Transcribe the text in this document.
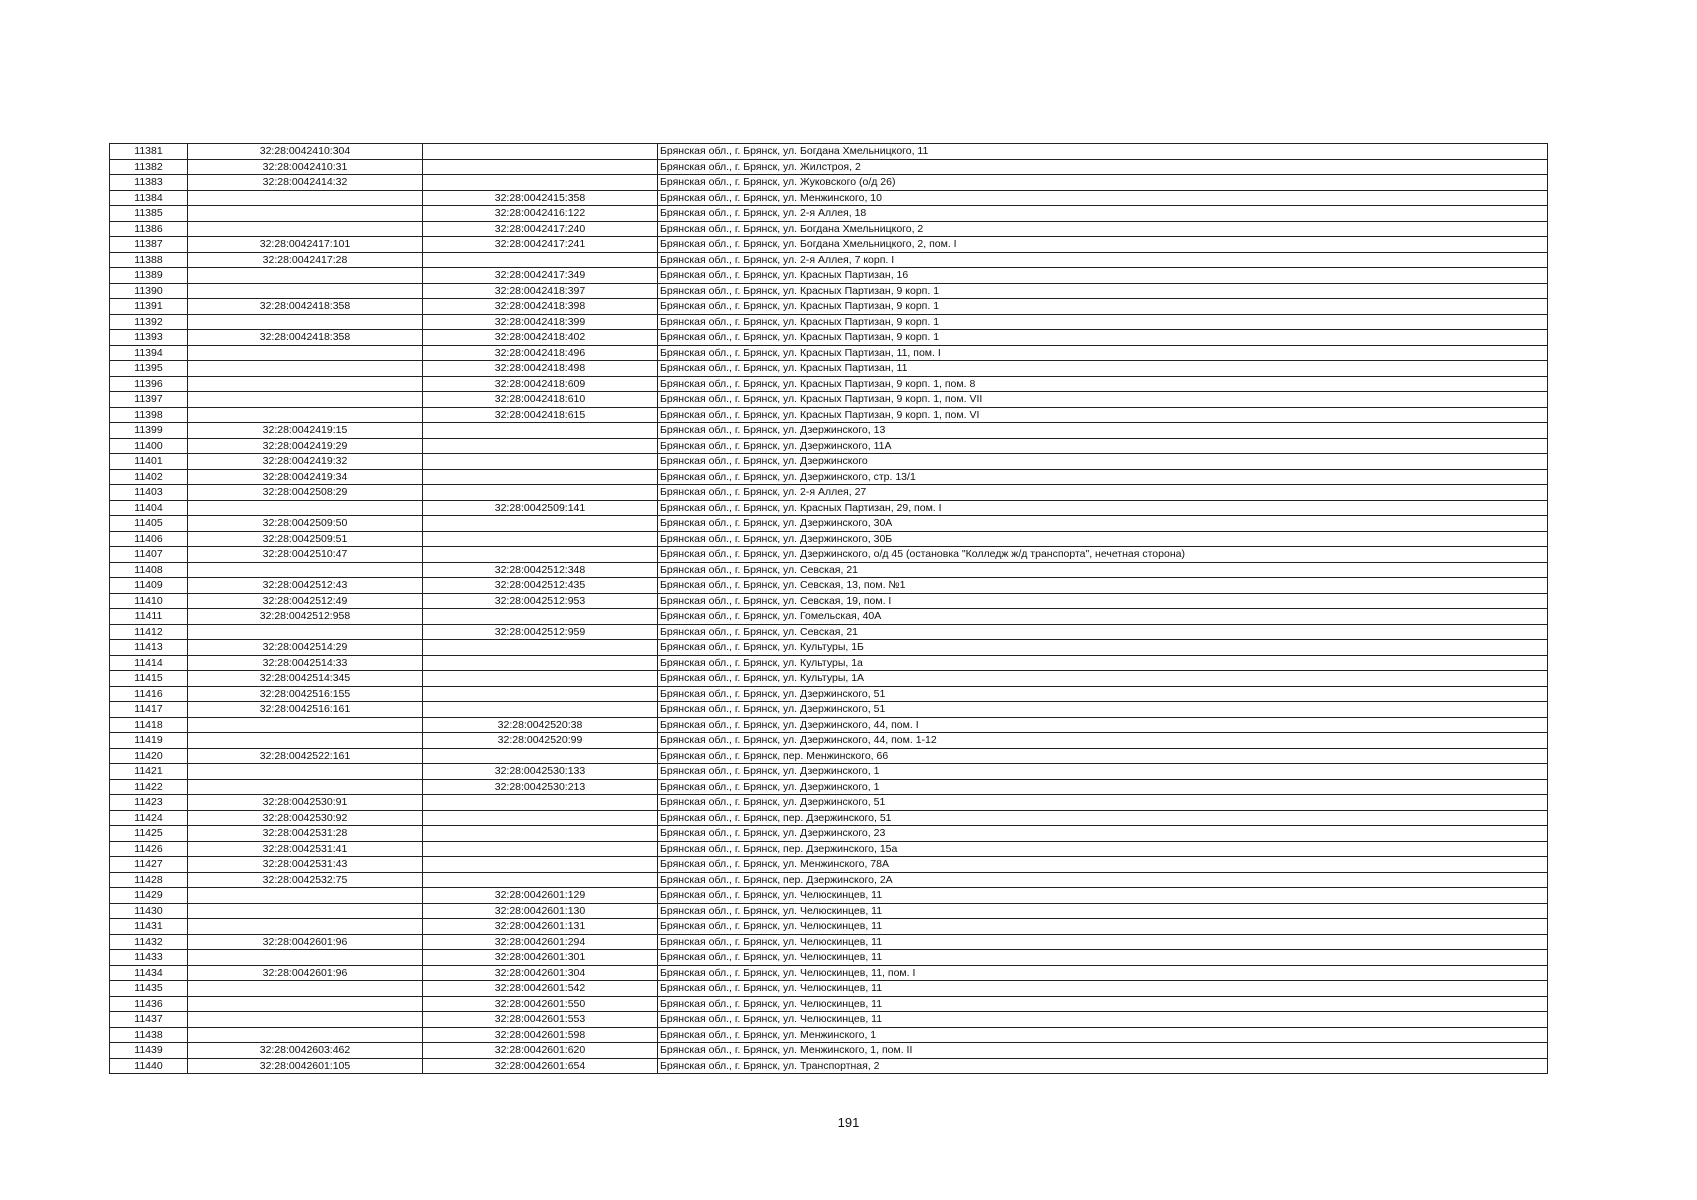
11381	32:28:0042410:304		Брянская обл., г. Брянск, ул. Богдана Хмельницкого, 11
11382	32:28:0042410:31		Брянская обл., г. Брянск, ул. Жилстроя, 2
11383	32:28:0042414:32		Брянская обл., г. Брянск, ул. Жуковского (о/д 26)
11384		32:28:0042415:358	Брянская обл., г. Брянск, ул. Менжинского, 10
11385		32:28:0042416:122	Брянская обл., г. Брянск, ул. 2-я Аллея, 18
11386		32:28:0042417:240	Брянская обл., г. Брянск, ул. Богдана Хмельницкого, 2
11387	32:28:0042417:101	32:28:0042417:241	Брянская обл., г. Брянск, ул. Богдана Хмельницкого, 2, пом. I
11388	32:28:0042417:28		Брянская обл., г. Брянск, ул. 2-я Аллея, 7 корп. I
11389		32:28:0042417:349	Брянская обл., г. Брянск, ул. Красных Партизан, 16
11390		32:28:0042418:397	Брянская обл., г. Брянск, ул. Красных Партизан, 9 корп. 1
11391	32:28:0042418:358	32:28:0042418:398	Брянская обл., г. Брянск, ул. Красных Партизан, 9 корп. 1
11392		32:28:0042418:399	Брянская обл., г. Брянск, ул. Красных Партизан, 9 корп. 1
11393	32:28:0042418:358	32:28:0042418:402	Брянская обл., г. Брянск, ул. Красных Партизан, 9 корп. 1
11394		32:28:0042418:496	Брянская обл., г. Брянск, ул. Красных Партизан, 11, пом. I
11395		32:28:0042418:498	Брянская обл., г. Брянск, ул. Красных Партизан, 11
11396		32:28:0042418:609	Брянская обл., г. Брянск, ул. Красных Партизан, 9 корп. 1, пом. 8
11397		32:28:0042418:610	Брянская обл., г. Брянск, ул. Красных Партизан, 9 корп. 1, пом. VII
11398		32:28:0042418:615	Брянская обл., г. Брянск, ул. Красных Партизан, 9 корп. 1, пом. VI
11399	32:28:0042419:15		Брянская обл., г. Брянск, ул. Дзержинского, 13
11400	32:28:0042419:29		Брянская обл., г. Брянск, ул. Дзержинского, 11А
11401	32:28:0042419:32		Брянская обл., г. Брянск, ул. Дзержинского
11402	32:28:0042419:34		Брянская обл., г. Брянск, ул. Дзержинского, стр. 13/1
11403	32:28:0042508:29		Брянская обл., г. Брянск, ул. 2-я Аллея, 27
11404		32:28:0042509:141	Брянская обл., г. Брянск, ул. Красных Партизан, 29, пом. I
11405	32:28:0042509:50		Брянская обл., г. Брянск, ул. Дзержинского, 30А
11406	32:28:0042509:51		Брянская обл., г. Брянск, ул. Дзержинского, 30Б
11407	32:28:0042510:47		Брянская обл., г. Брянск, ул. Дзержинского, о/д 45 (остановка "Колледж ж/д транспорта", нечетная сторона)
11408		32:28:0042512:348	Брянская обл., г. Брянск, ул. Севская, 21
11409	32:28:0042512:43	32:28:0042512:435	Брянская обл., г. Брянск, ул. Севская, 13, пом. №1
11410	32:28:0042512:49	32:28:0042512:953	Брянская обл., г. Брянск, ул. Севская, 19, пом. I
11411	32:28:0042512:958		Брянская обл., г. Брянск, ул. Гомельская, 40А
11412		32:28:0042512:959	Брянская обл., г. Брянск, ул. Севская, 21
11413	32:28:0042514:29		Брянская обл., г. Брянск, ул. Культуры, 1Б
11414	32:28:0042514:33		Брянская обл., г. Брянск, ул. Культуры, 1а
11415	32:28:0042514:345		Брянская обл., г. Брянск, ул. Культуры, 1А
11416	32:28:0042516:155		Брянская обл., г. Брянск, ул. Дзержинского, 51
11417	32:28:0042516:161		Брянская обл., г. Брянск, ул. Дзержинского, 51
11418		32:28:0042520:38	Брянская обл., г. Брянск, ул. Дзержинского, 44, пом. I
11419		32:28:0042520:99	Брянская обл., г. Брянск, ул. Дзержинского, 44, пом. 1-12
11420	32:28:0042522:161		Брянская обл., г. Брянск, пер. Менжинского, 66
11421		32:28:0042530:133	Брянская обл., г. Брянск, ул. Дзержинского, 1
11422		32:28:0042530:213	Брянская обл., г. Брянск, ул. Дзержинского, 1
11423	32:28:0042530:91		Брянская обл., г. Брянск, ул. Дзержинского, 51
11424	32:28:0042530:92		Брянская обл., г. Брянск, пер. Дзержинского, 51
11425	32:28:0042531:28		Брянская обл., г. Брянск, ул. Дзержинского, 23
11426	32:28:0042531:41		Брянская обл., г. Брянск, пер. Дзержинского, 15а
11427	32:28:0042531:43		Брянская обл., г. Брянск, ул. Менжинского, 78А
11428	32:28:0042532:75		Брянская обл., г. Брянск, пер. Дзержинского, 2А
11429		32:28:0042601:129	Брянская обл., г. Брянск, ул. Челюскинцев, 11
11430		32:28:0042601:130	Брянская обл., г. Брянск, ул. Челюскинцев, 11
11431		32:28:0042601:131	Брянская обл., г. Брянск, ул. Челюскинцев, 11
11432	32:28:0042601:96	32:28:0042601:294	Брянская обл., г. Брянск, ул. Челюскинцев, 11
11433		32:28:0042601:301	Брянская обл., г. Брянск, ул. Челюскинцев, 11
11434	32:28:0042601:96	32:28:0042601:304	Брянская обл., г. Брянск, ул. Челюскинцев, 11, пом. I
11435		32:28:0042601:542	Брянская обл., г. Брянск, ул. Челюскинцев, 11
11436		32:28:0042601:550	Брянская обл., г. Брянск, ул. Челюскинцев, 11
11437		32:28:0042601:553	Брянская обл., г. Брянск, ул. Челюскинцев, 11
11438		32:28:0042601:598	Брянская обл., г. Брянск, ул. Менжинского, 1
11439	32:28:0042603:462	32:28:0042601:620	Брянская обл., г. Брянск, ул. Менжинского, 1, пом. II
11440	32:28:0042601:105	32:28:0042601:654	Брянская обл., г. Брянск, ул. Транспортная, 2
191
